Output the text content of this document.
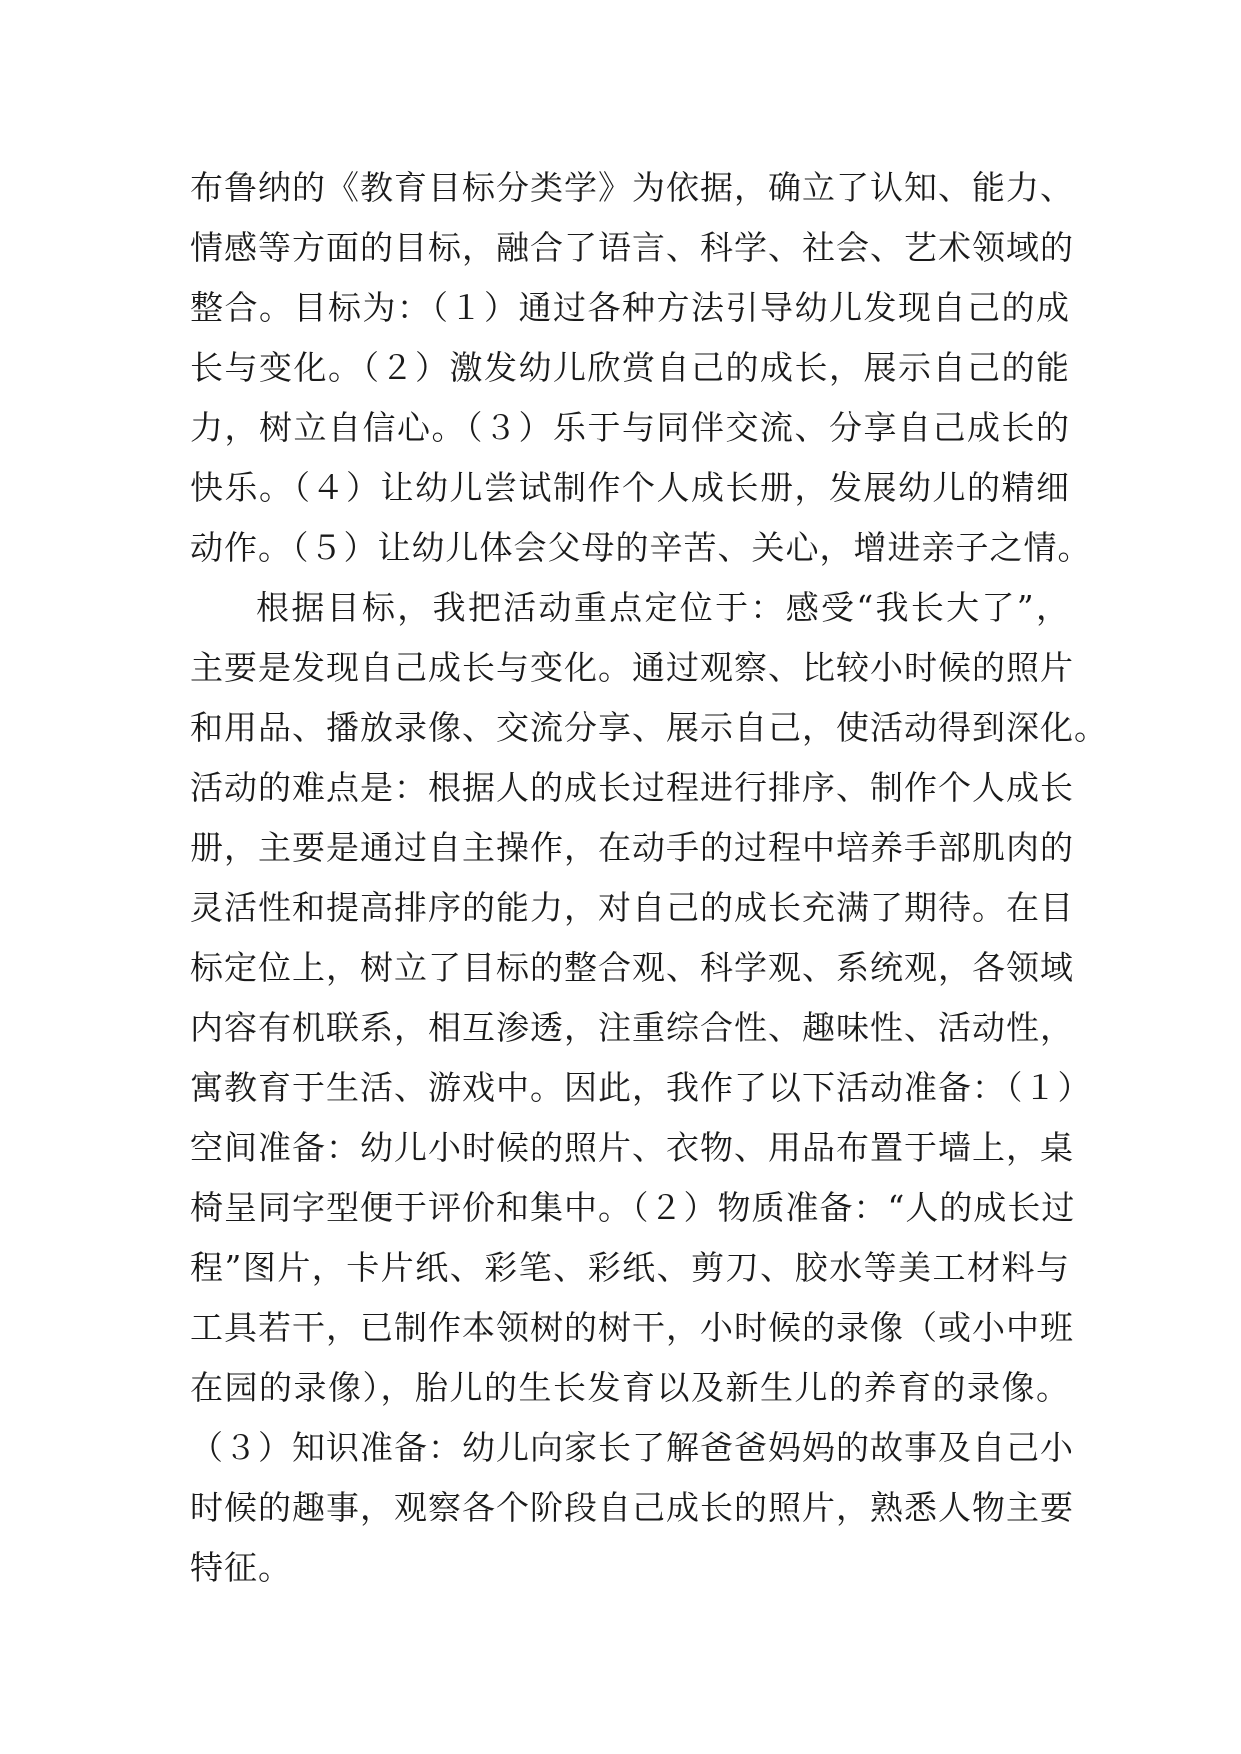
布鲁纳的《教育目标分类学》为依据，确立了认知、能力、
情感等方面的目标，融合了语言、科学、社会、艺术领域的
整合。目标为：（１）通过各种方法引导幼儿发现自己的成
长与变化。（２）激发幼儿欣赏自己的成长，展示自己的能
力，树立自信心。（３）乐于与同伴交流、分享自己成长的
快乐。（４）让幼儿尝试制作个人成长册，发展幼儿的精细
动作。（５）让幼儿体会父母的辛苦、关心，增进亲子之情。
根据目标，我把活动重点定位于：感受“我长大了”，
主要是发现自己成长与变化。通过观察、比较小时候的照片
和用品、播放录像、交流分享、展示自己，使活动得到深化。
活动的难点是：根据人的成长过程进行排序、制作个人成长
册，主要是通过自主操作，在动手的过程中培养手部肌肉的
灵活性和提高排序的能力，对自己的成长充满了期待。在目
标定位上，树立了目标的整合观、科学观、系统观，各领域
内容有机联系，相互渗透，注重综合性、趣味性、活动性，
寓教育于生活、游戏中。因此，我作了以下活动准备：（１）
空间准备：幼儿小时候的照片、衣物、用品布置于墙上，桌
椅呈同字型便于评价和集中。（２）物质准备：“人的成长过
程”图片，卡片纸、彩笔、彩纸、剪刀、胶水等美工材料与
工具若干，已制作本领树的树干，小时候的录像（或小中班
在园的录像），胎儿的生长发育以及新生儿的养育的录像。
（３）知识准备：幼儿向家长了解爸爸妈妈的故事及自己小
时候的趣事，观察各个阶段自己成长的照片，熟悉人物主要
特征。
